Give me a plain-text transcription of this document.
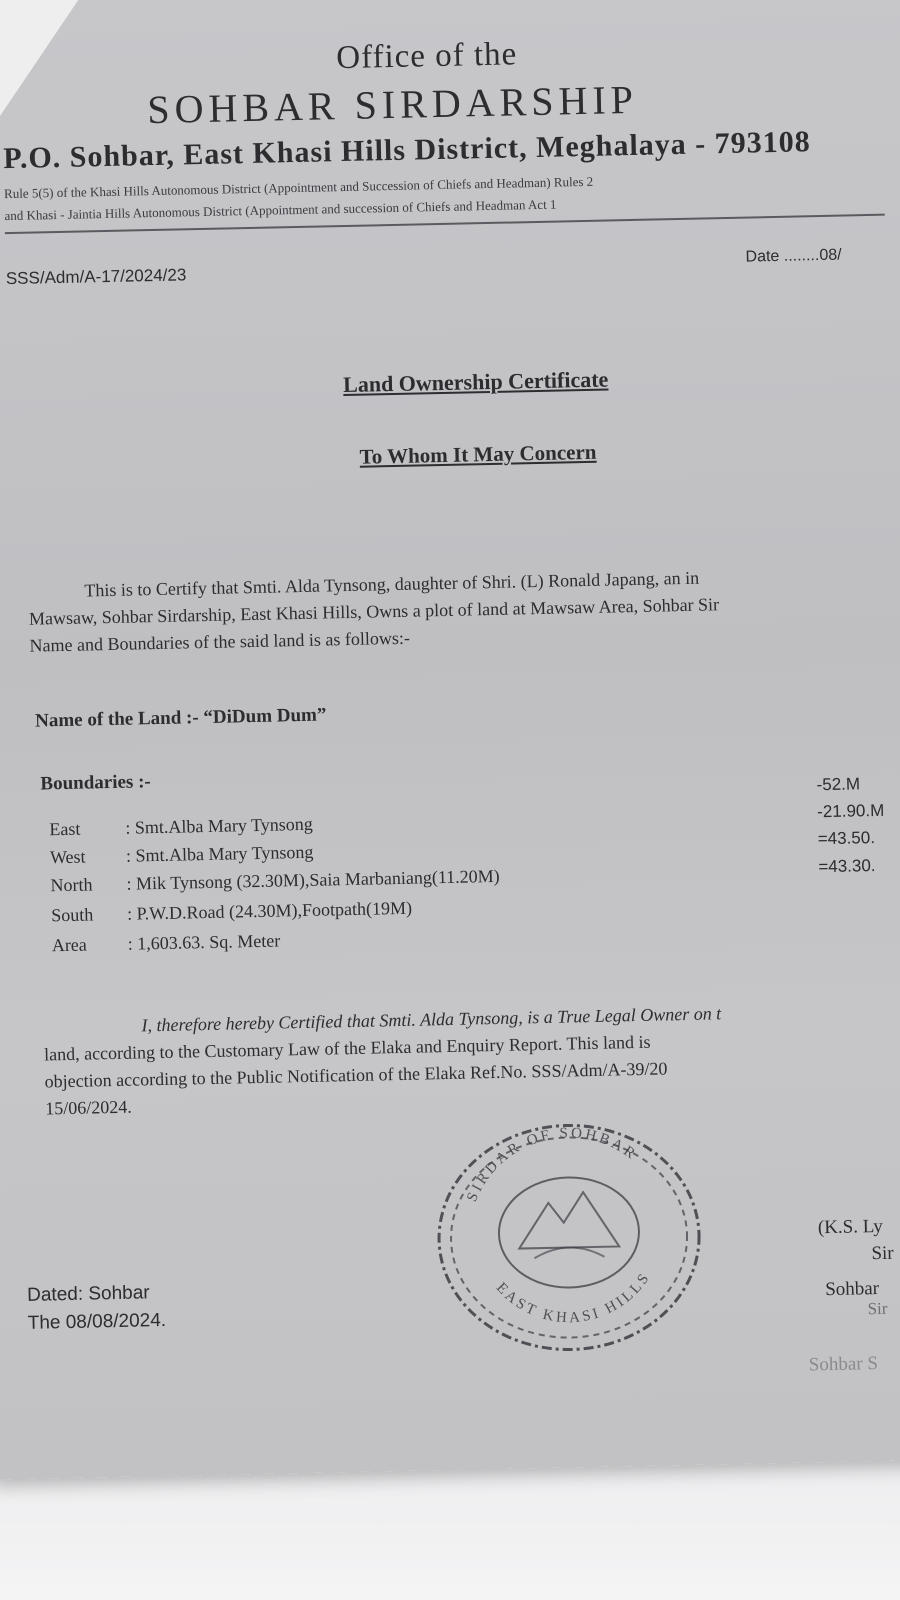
Office of the
SOHBAR SIRDARSHIP
P.O. Sohbar, East Khasi Hills District, Meghalaya - 793108
Rule 5(5) of the Khasi Hills Autonomous District (Appointment and Succession of Chiefs and Headman) Rules 2
and Khasi - Jaintia Hills Autonomous District (Appointment and succession of Chiefs and Headman Act 1
SSS/Adm/A-17/2024/23
Date ........08/
Land Ownership Certificate
To Whom It May Concern
This is to Certify that Smti. Alda Tynsong, daughter of Shri. (L) Ronald Japang, an in
Mawsaw, Sohbar Sirdarship, East Khasi Hills, Owns a plot of land at Mawsaw Area, Sohbar Sir
Name and Boundaries of the said land is as follows:-
Name of the Land :- “DiDum Dum”
Boundaries :-
East : Smt.Alba Mary Tynsong
West : Smt.Alba Mary Tynsong
North : Mik Tynsong (32.30M),Saia Marbaniang(11.20M)
South : P.W.D.Road (24.30M),Footpath(19M)
Area : 1,603.63. Sq. Meter
-52.M
-21.90.M
=43.50.
=43.30.
I, therefore hereby Certified that Smti. Alda Tynsong, is a True Legal Owner on t
land, according to the Customary Law of the Elaka and Enquiry Report. This land is
objection according to the Public Notification of the Elaka Ref.No. SSS/Adm/A-39/20
15/06/2024.
SIRDAR OF SOHBAR
EAST KHASI HILLS
Dated: Sohbar
The 08/08/2024.
(K.S. Ly
Sir
Sohbar
Sir
Sohbar S
